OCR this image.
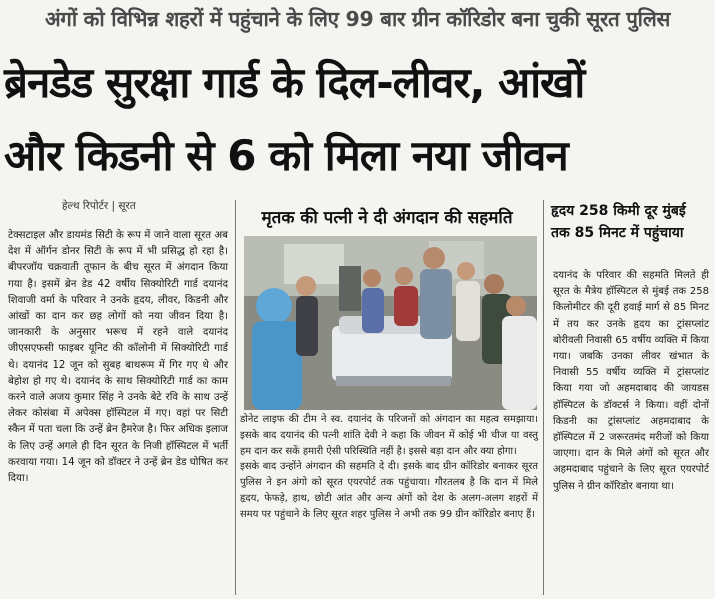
अंगों को विभिन्न शहरों में पहुंचाने के लिए 99 बार ग्रीन कॉरिडोर बना चुकी सूरत पुलिस
ब्रेनडेड सुरक्षा गार्ड के दिल-लीवर, आंखों
और किडनी से 6 को मिला नया जीवन
हेल्थ रिपोर्टर | सूरत

टेक्सटाइल और डायमंड सिटी के रूप में जाने वाला सूरत अब देश में ऑर्गन डोनर सिटी के रूप में भी प्रसिद्ध हो रहा है। बीपरजॉय चक्रवाती तूफान के बीच सूरत में अंगदान किया गया है। इसमें ब्रेन डेड 42 वर्षीय सिक्योरिटी गार्ड दयानंद शिवाजी वर्मा के परिवार ने उनके हृदय, लीवर, किडनी और आंखों का दान कर छह लोगों को नया जीवन दिया है। जानकारी के अनुसार भरूच में रहने वाले दयानंद जीएसएफसी फाइबर यूनिट की कॉलोनी में सिक्योरिटी गार्ड थे। दयानंद 12 जून को सुबह बाथरूम में गिर गए थे और बेहोश हो गए थे। दयानंद के साथ सिक्योरिटी गार्ड का काम करने वाले अजय कुमार सिंह ने उनके बेटे रवि के साथ उन्हें लेकर कोसंबा में अपेक्स हॉस्पिटल में गए। वहां पर सिटी स्कैन में पता चला कि उन्हें ब्रेन हैमरेज है। फिर अधिक इलाज के लिए उन्हें अगले ही दिन सूरत के निजी हॉस्पिटल में भर्ती करवाया गया। 14 जून को डॉक्टर ने उन्हें ब्रेन डेड घोषित कर दिया।

मृतक की पत्नी ने दी अंगदान की सहमति

डोनेट लाइफ की टीम ने स्व. दयानंद के परिजनों को अंगदान का महत्व समझाया। इसके बाद दयानंद की पत्नी शांति देवी ने कहा कि जीवन में कोई भी चीज या वस्तु हम दान कर सकें हमारी ऐसी परिस्थिति नहीं है। इससे बड़ा दान और क्या होगा।

इसके बाद उन्होंने अंगदान की सहमति दे दी। इसके बाद ग्रीन कॉरिडोर बनाकर सूरत पुलिस ने इन अंगो को सूरत एयरपोर्ट तक पहुंचाया। गौरतलब है कि दान में मिले हृदय, फेफड़े, हाथ, छोटी आंत और अन्य अंगों को देश के अलग-अलग शहरों में समय पर पहुंचाने के लिए सूरत शहर पुलिस ने अभी तक 99 ग्रीन कॉरिडोर बनाए हैं।

हृदय 258 किमी दूर मुंबई
तक 85 मिनट में पहुंचाया

दयानंद के परिवार की सहमति मिलते ही सूरत के मैत्रेय हॉस्पिटल से मुंबई तक 258 किलोमीटर की दूरी हवाई मार्ग से 85 मिनट में तय कर उनके हृदय का ट्रांसप्लांट बोरीवली निवासी 65 वर्षीय व्यक्ति में किया गया। जबकि उनका लीवर खंभात के निवासी 55 वर्षीय व्यक्ति में ट्रांसप्लांट किया गया जो अहमदाबाद की जायडस हॉस्पिटल के डॉक्टर्स ने किया। वहीं दोनों किडनी का ट्रांसप्लांट अहमदाबाद के हॉस्पिटल में 2 जरूरतमंद मरीजों को किया जाएगा। दान के मिले अंगों को सूरत और अहमदाबाद पहुंचाने के लिए सूरत एयरपोर्ट पुलिस ने ग्रीन कॉरिडोर बनाया था।
